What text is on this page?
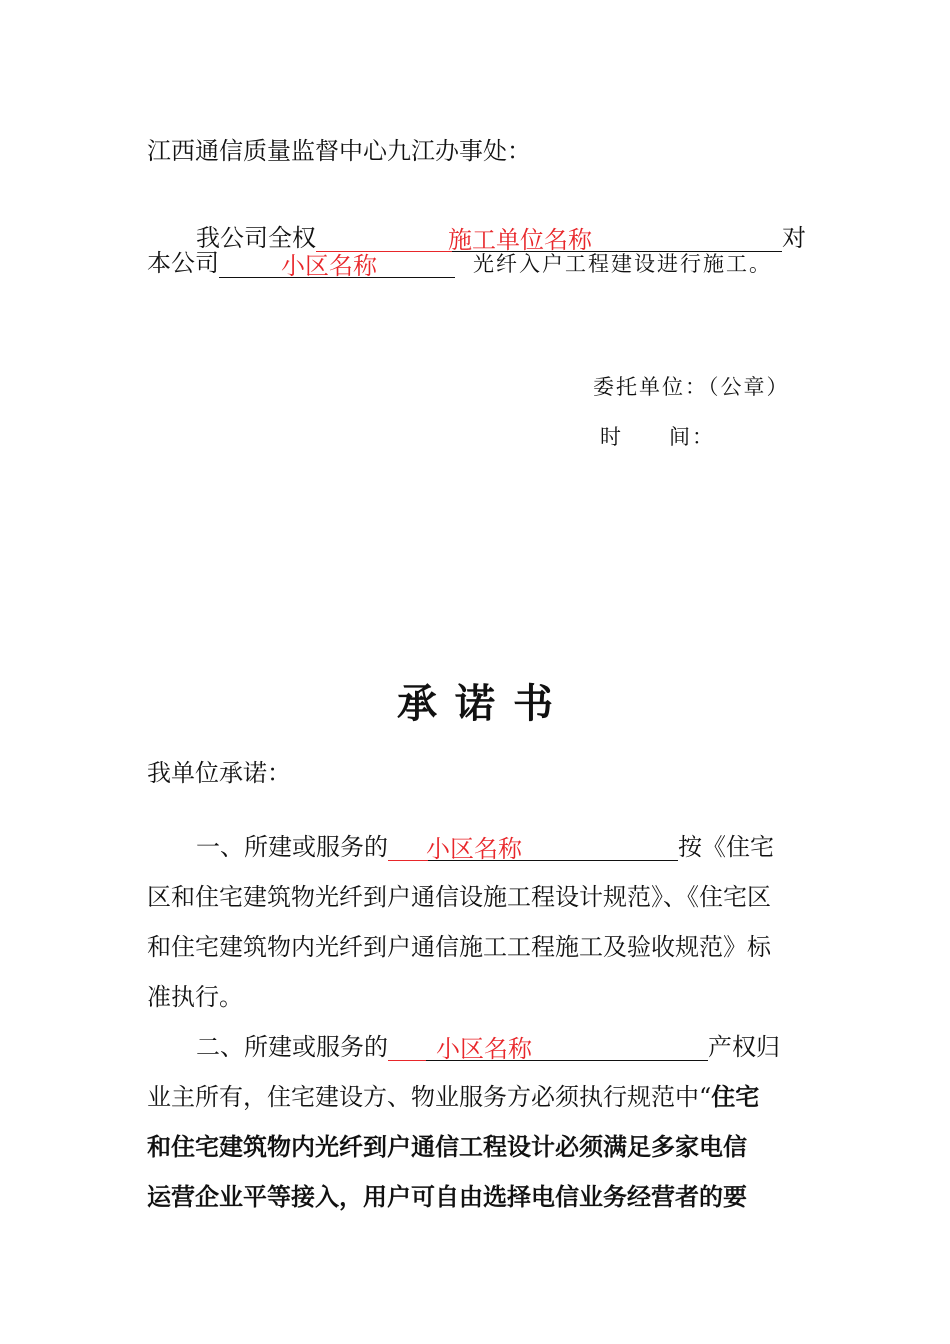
江西通信质量监督中心九江办事处：
我公司全权	施工单位名称	对
本公司	小区名称	光纤入户工程建设进行施工。
委托单位：（公章）
时　　间：
承诺书
我单位承诺：
一、所建或服务的 小区名称	按《住宅
区和住宅建筑物光纤到户通信设施工程设计规范》、《住宅区
和住宅建筑物内光纤到户通信施工工程施工及验收规范》标
准执行。
二、所建或服务的 小区名称	产权归
业主所有，住宅建设方、物业服务方必须执行规范中“住宅
和住宅建筑物内光纤到户通信工程设计必须满足多家电信
运营企业平等接入，用户可自由选择电信业务经营者的要
